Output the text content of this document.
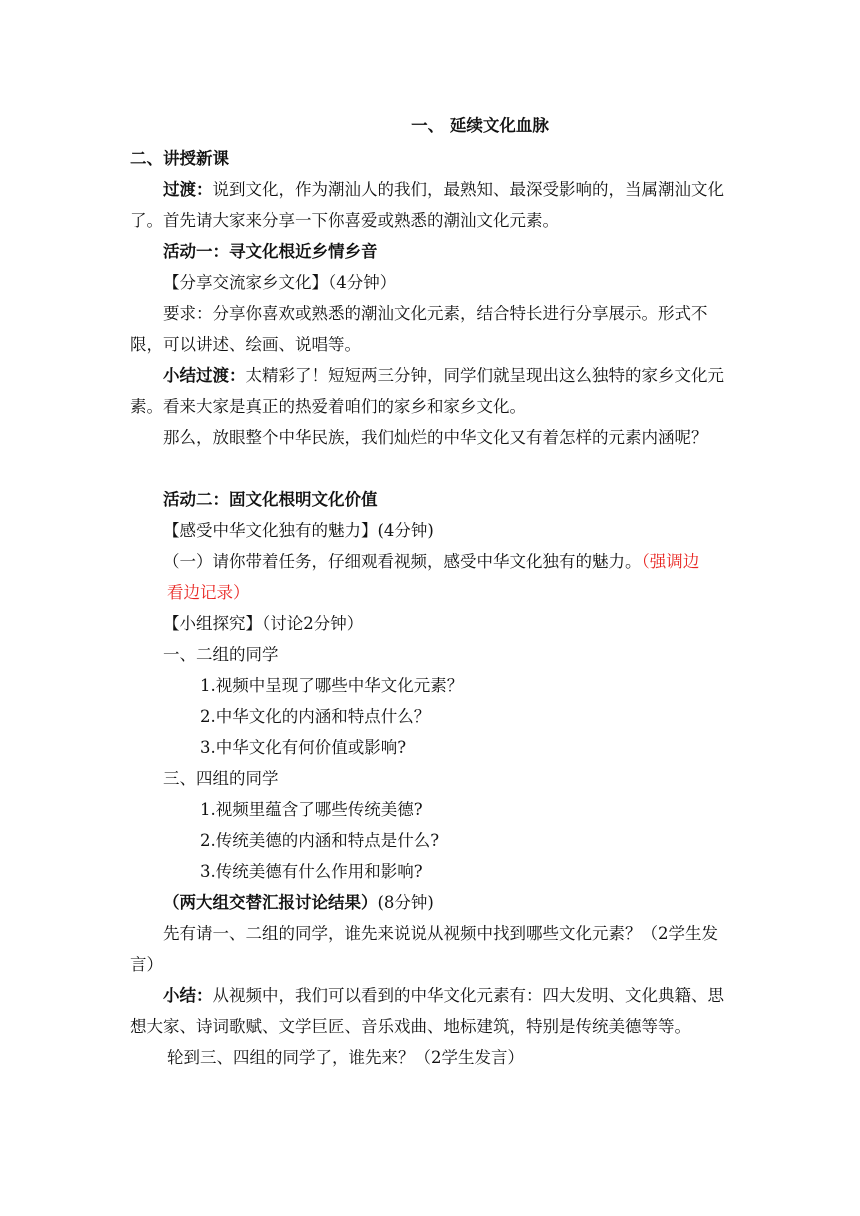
一、 延续文化血脉

二、讲授新课

过渡：说到文化，作为潮汕人的我们，最熟知、最深受影响的，当属潮汕文化了。首先请大家来分享一下你喜爱或熟悉的潮汕文化元素。

活动一：寻文化根近乡情乡音

【分享交流家乡文化】（4分钟）

要求：分享你喜欢或熟悉的潮汕文化元素，结合特长进行分享展示。形式不限，可以讲述、绘画、说唱等。

小结过渡：太精彩了！短短两三分钟，同学们就呈现出这么独特的家乡文化元素。看来大家是真正的热爱着咱们的家乡和家乡文化。

那么，放眼整个中华民族，我们灿烂的中华文化又有着怎样的元素内涵呢？

活动二：固文化根明文化价值

【感受中华文化独有的魅力】(4分钟)

（一）请你带着任务，仔细观看视频，感受中华文化独有的魅力。（强调边
看边记录）

【小组探究】（讨论2分钟）

一、二组的同学

1.视频中呈现了哪些中华文化元素？

2.中华文化的内涵和特点什么？

3.中华文化有何价值或影响?

三、四组的同学

1.视频里蕴含了哪些传统美德?

2.传统美德的内涵和特点是什么?

3.传统美德有什么作用和影响?

（两大组交替汇报讨论结果）(8分钟)

先有请一、二组的同学，谁先来说说从视频中找到哪些文化元素？（2学生发言）

小结：从视频中，我们可以看到的中华文化元素有：四大发明、文化典籍、思想大家、诗词歌赋、文学巨匠、音乐戏曲、地标建筑，特别是传统美德等等。

轮到三、四组的同学了，谁先来？（2学生发言）
